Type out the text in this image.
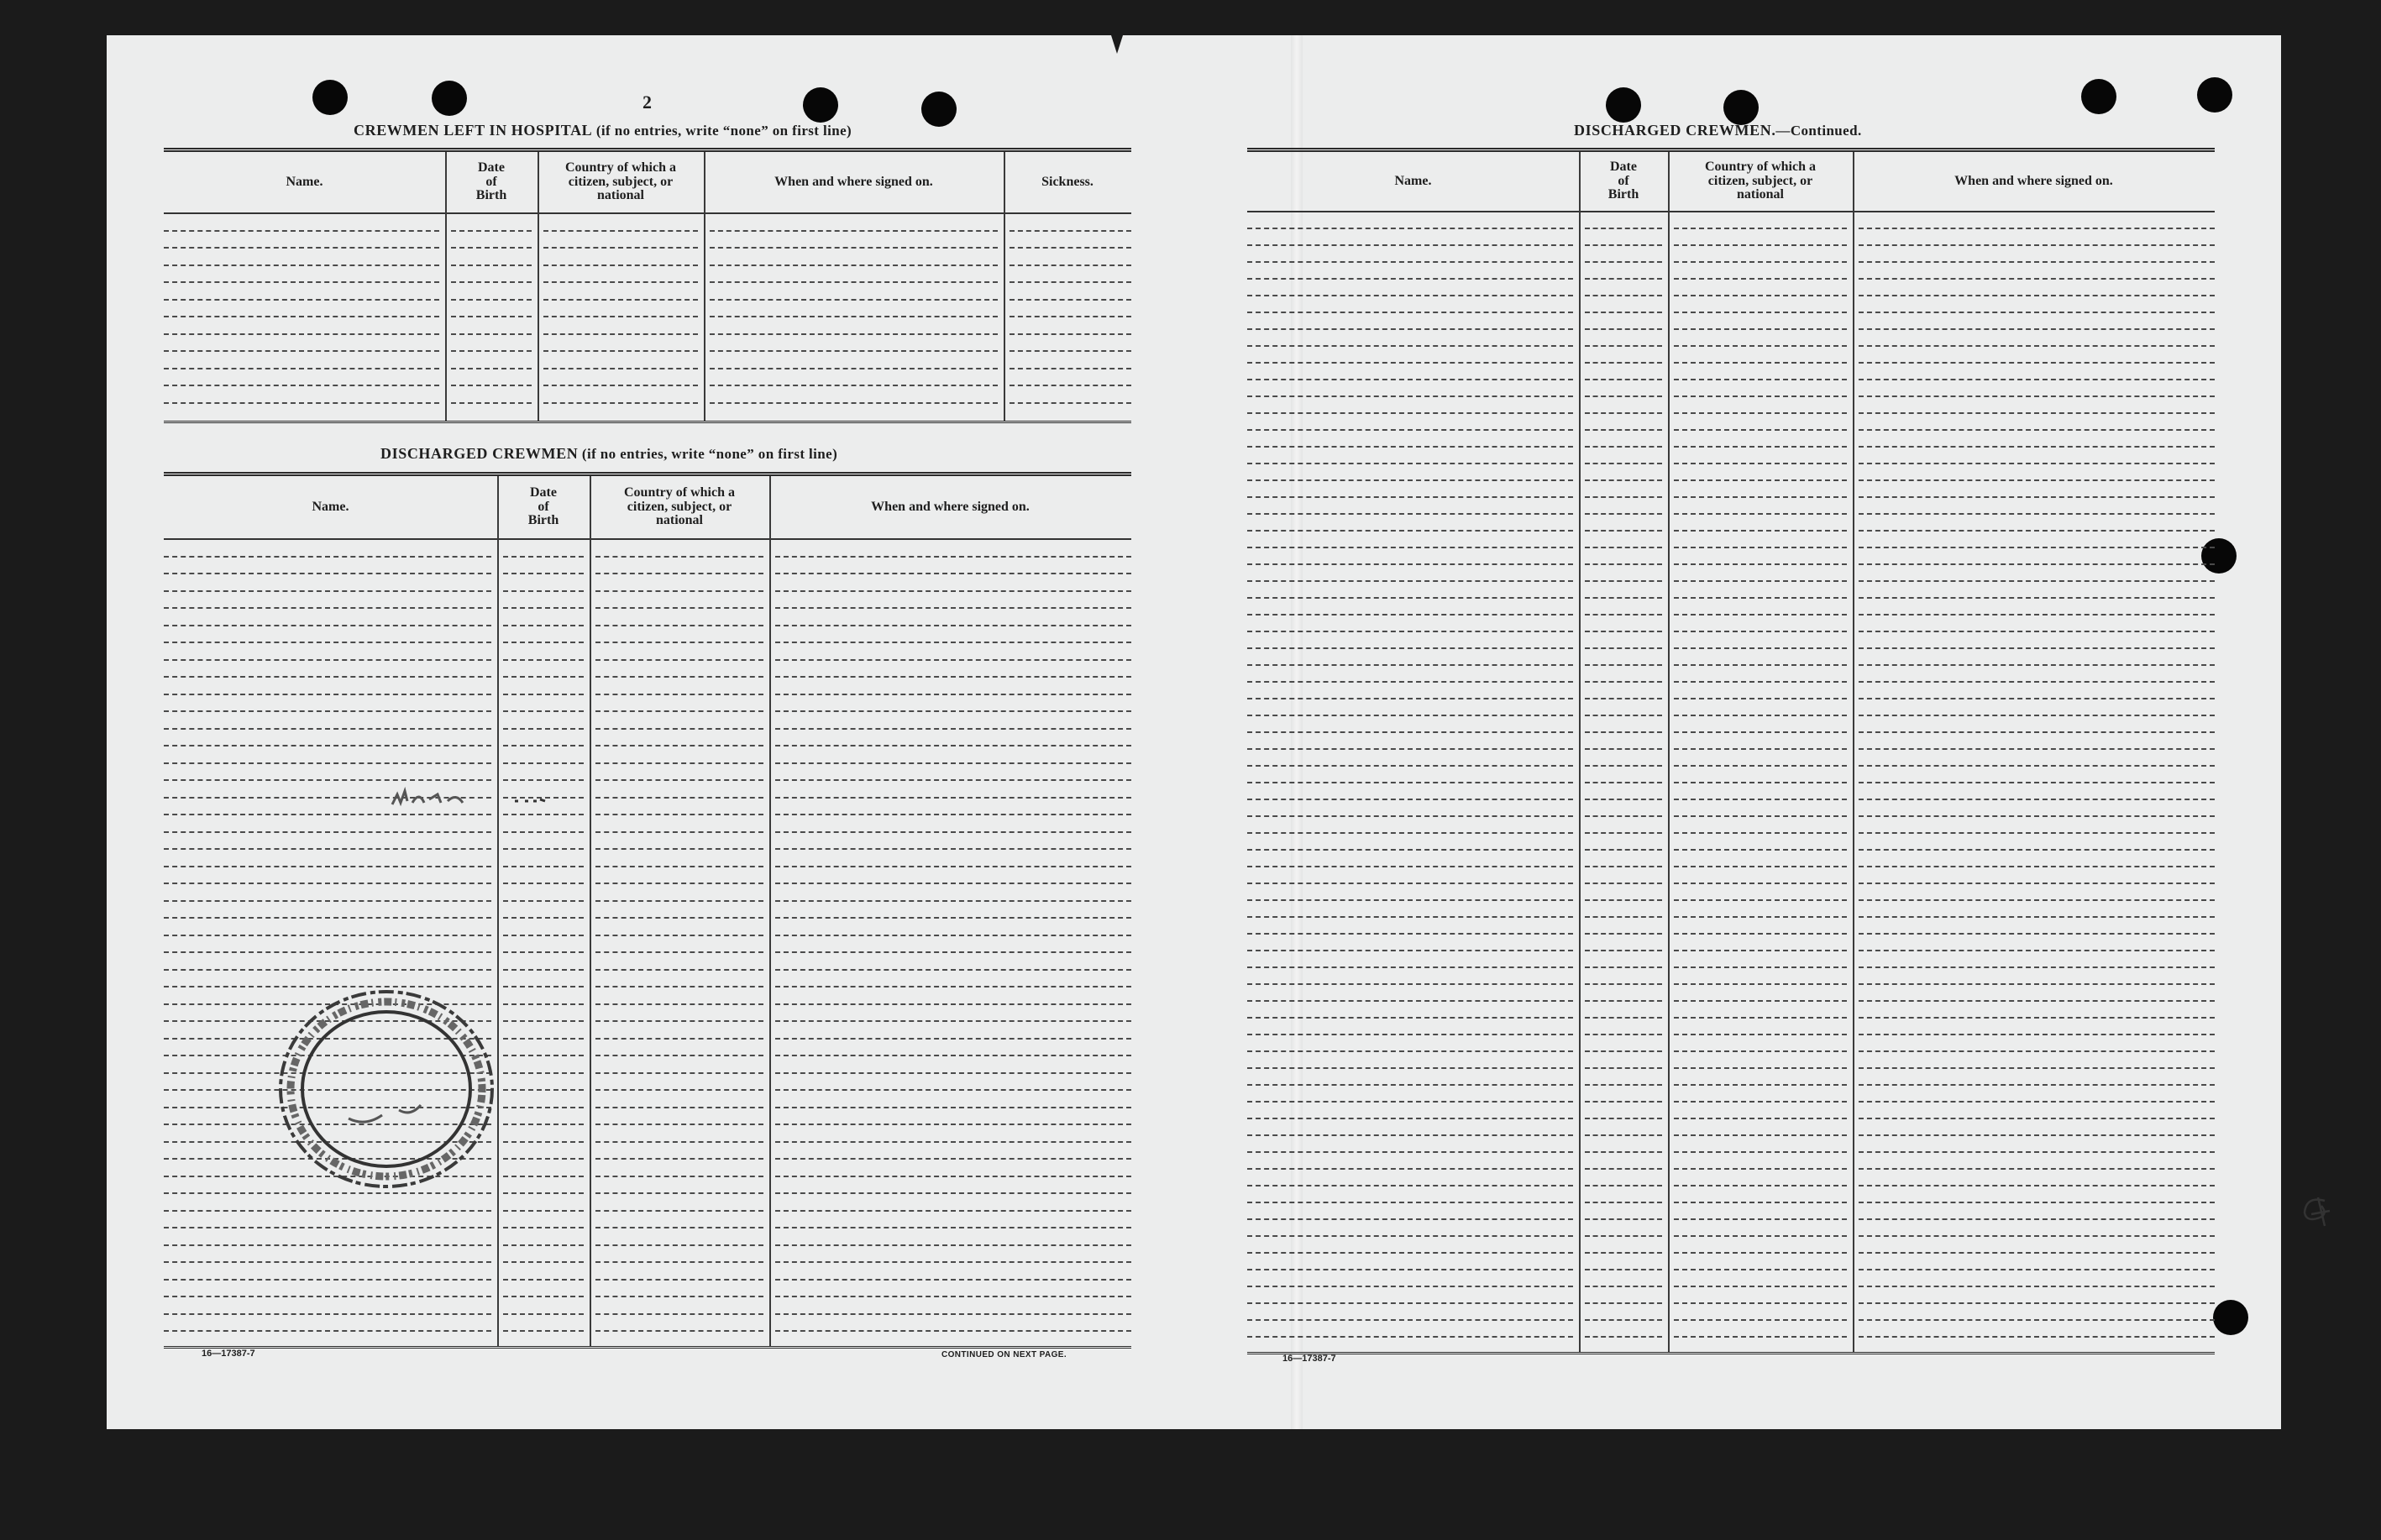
2
CREWMEN LEFT IN HOSPITAL (if no entries, write “none” on first line)
Name.
Date
of
Birth
Country of which a
citizen, subject, or
national
When and where signed on.	Sickness.
DISCHARGED CREWMEN (if no entries, write “none” on first line)
Name.
Date
of
Birth
Country of which a
citizen, subject, or
national
When and where signed on.
16—17387-7	CONTINUED ON NEXT PAGE.
DISCHARGED CREWMEN.—Continued.
Name.
Date
of
Birth
Country of which a
citizen, subject, or
national
When and where signed on.
16—17387-7
